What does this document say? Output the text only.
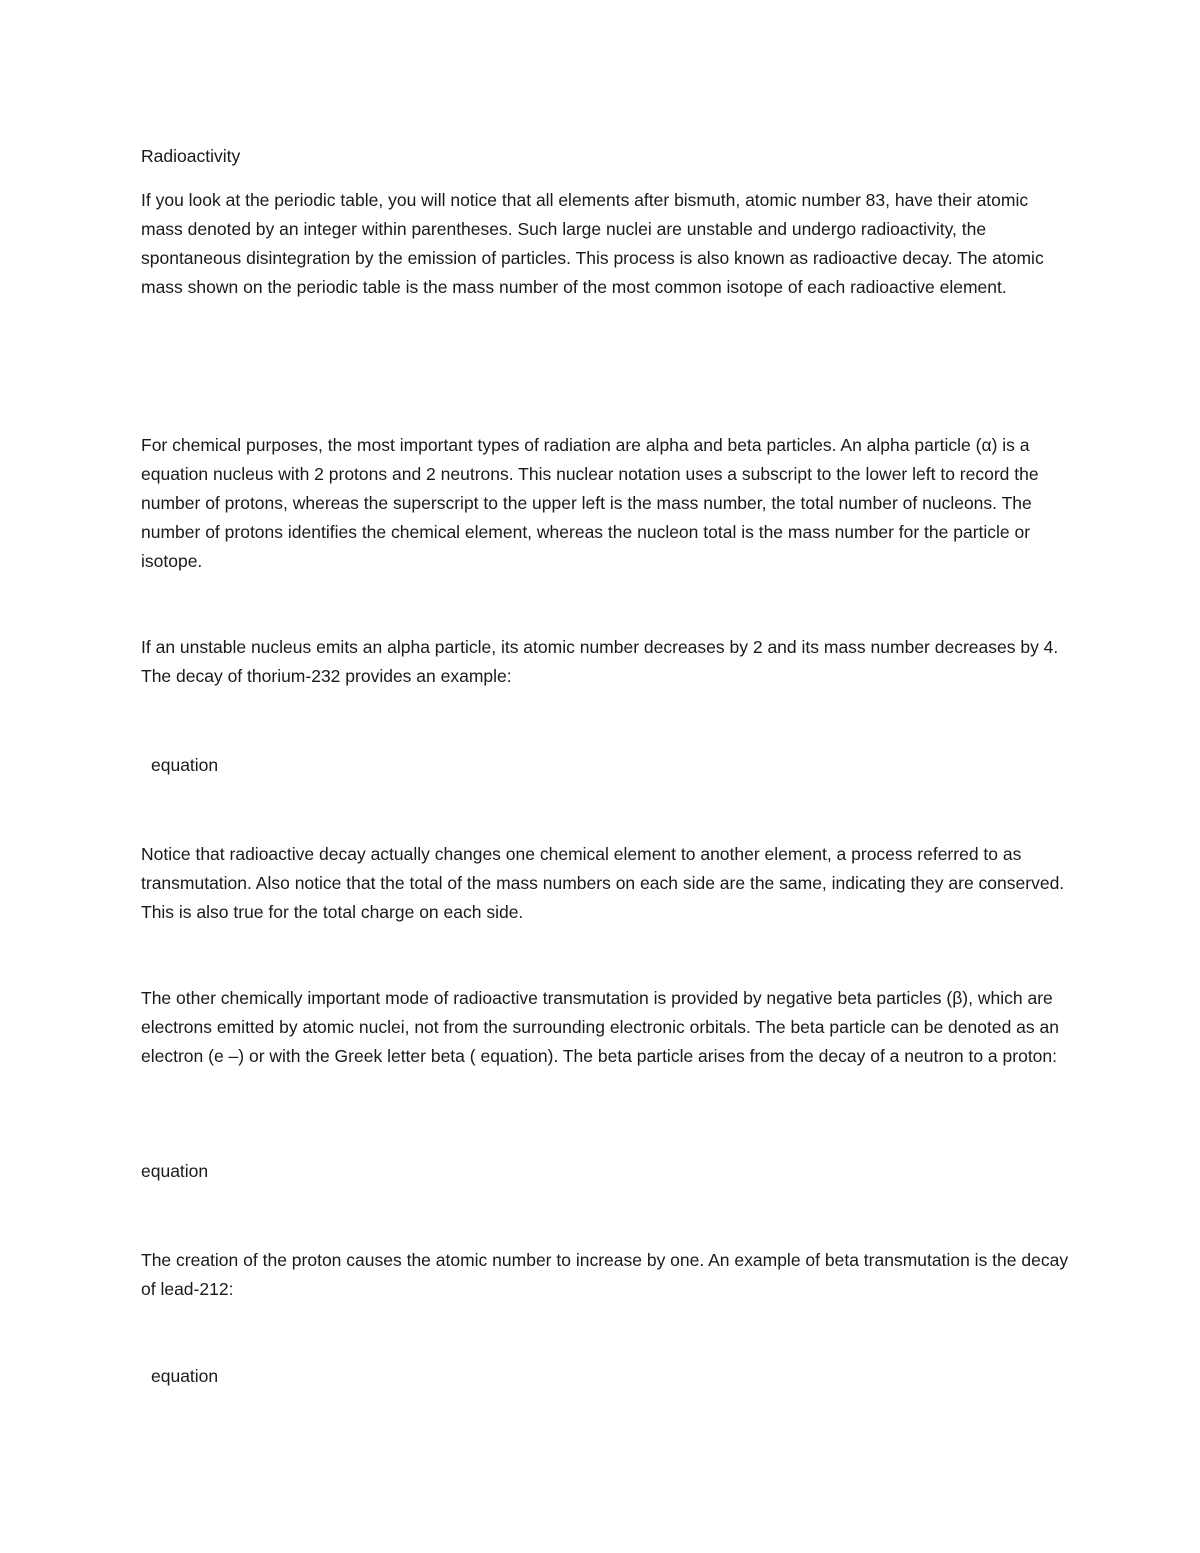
Radioactivity

If you look at the periodic table, you will notice that all elements after bismuth, atomic number 83, have their atomic mass denoted by an integer within parentheses. Such large nuclei are unstable and undergo radioactivity, the spontaneous disintegration by the emission of particles. This process is also known as radioactive decay. The atomic mass shown on the periodic table is the mass number of the most common isotope of each radioactive element.

For chemical purposes, the most important types of radiation are alpha and beta particles. An alpha particle (α) is a equation nucleus with 2 protons and 2 neutrons. This nuclear notation uses a subscript to the lower left to record the number of protons, whereas the superscript to the upper left is the mass number, the total number of nucleons. The number of protons identifies the chemical element, whereas the nucleon total is the mass number for the particle or isotope.

If an unstable nucleus emits an alpha particle, its atomic number decreases by 2 and its mass number decreases by 4. The decay of thorium-232 provides an example:

equation

Notice that radioactive decay actually changes one chemical element to another element, a process referred to as transmutation. Also notice that the total of the mass numbers on each side are the same, indicating they are conserved. This is also true for the total charge on each side.

The other chemically important mode of radioactive transmutation is provided by negative beta particles (β), which are electrons emitted by atomic nuclei, not from the surrounding electronic orbitals. The beta particle can be denoted as an electron (e –) or with the Greek letter beta ( equation). The beta particle arises from the decay of a neutron to a proton:

equation

The creation of the proton causes the atomic number to increase by one. An example of beta transmutation is the decay of lead-212:

equation
